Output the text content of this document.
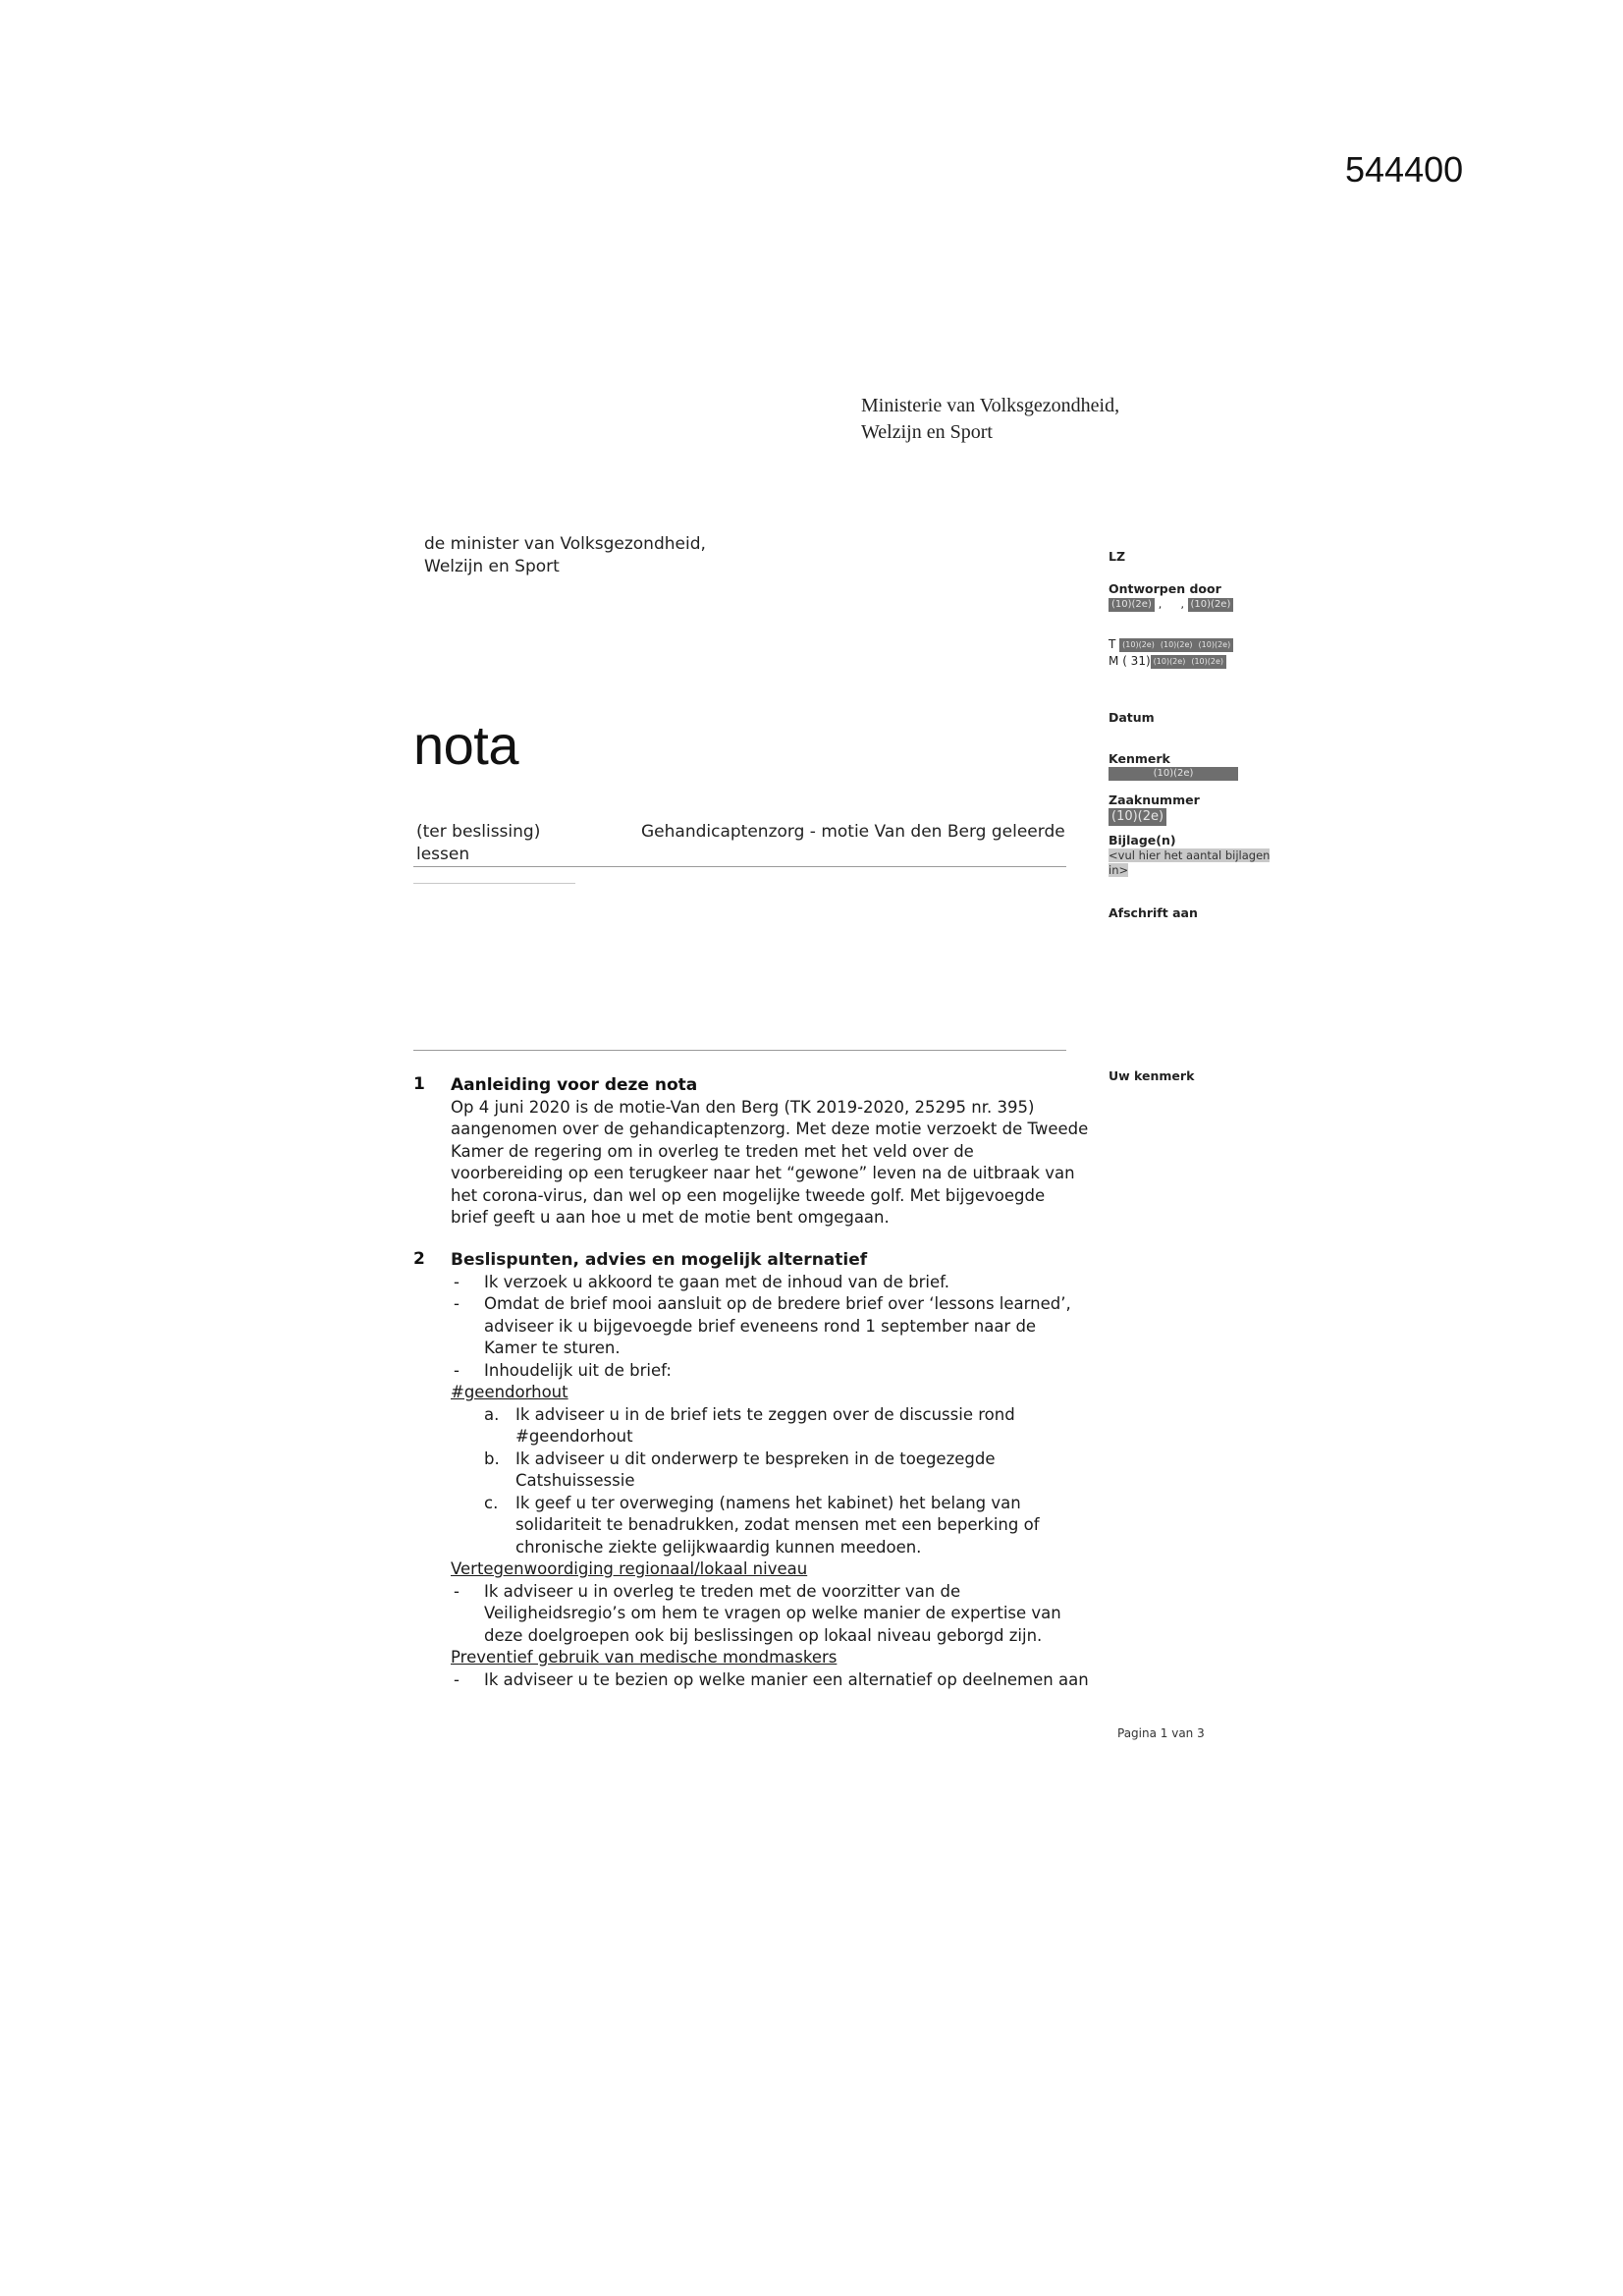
544400
Ministerie van Volksgezondheid,
Welzijn en Sport
de minister van Volksgezondheid,
Welzijn en Sport
nota
(ter beslissing)
lessen
Gehandicaptenzorg - motie Van den Berg geleerde
LZ
Ontworpen door
(10)(2e) ,  , (10)(2e)
T (10)(2e) (10)(2e) (10)(2e)
M ( 31) (10)(2e) (10)(2e)
Datum
Kenmerk
(10)(2e)
Zaaknummer
(10)(2e)
Bijlage(n)
<vul hier het aantal bijlagen in>
Afschrift aan
Uw kenmerk
1 Aanleiding voor deze nota
Op 4 juni 2020 is de motie-Van den Berg (TK 2019-2020, 25295 nr. 395)
aangenomen over de gehandicaptenzorg. Met deze motie verzoekt de Tweede
Kamer de regering om in overleg te treden met het veld over de
voorbereiding op een terugkeer naar het “gewone” leven na de uitbraak van
het corona-virus, dan wel op een mogelijke tweede golf. Met bijgevoegde
brief geeft u aan hoe u met de motie bent omgegaan.
2 Beslispunten, advies en mogelijk alternatief
- Ik verzoek u akkoord te gaan met de inhoud van de brief.
- Omdat de brief mooi aansluit op de bredere brief over ‘lessons learned’,
adviseer ik u bijgevoegde brief eveneens rond 1 september naar de
Kamer te sturen.
- Inhoudelijk uit de brief:
#geendorhout
a. Ik adviseer u in de brief iets te zeggen over de discussie rond
#geendorhout
b. Ik adviseer u dit onderwerp te bespreken in de toegezegde
Catshuissessie
c. Ik geef u ter overweging (namens het kabinet) het belang van
solidariteit te benadrukken, zodat mensen met een beperking of
chronische ziekte gelijkwaardig kunnen meedoen.
Vertegenwoordiging regionaal/lokaal niveau
- Ik adviseer u in overleg te treden met de voorzitter van de
Veiligheidsregio’s om hem te vragen op welke manier de expertise van
deze doelgroepen ook bij beslissingen op lokaal niveau geborgd zijn.
Preventief gebruik van medische mondmaskers
- Ik adviseer u te bezien op welke manier een alternatief op deelnemen aan
Pagina 1 van 3
